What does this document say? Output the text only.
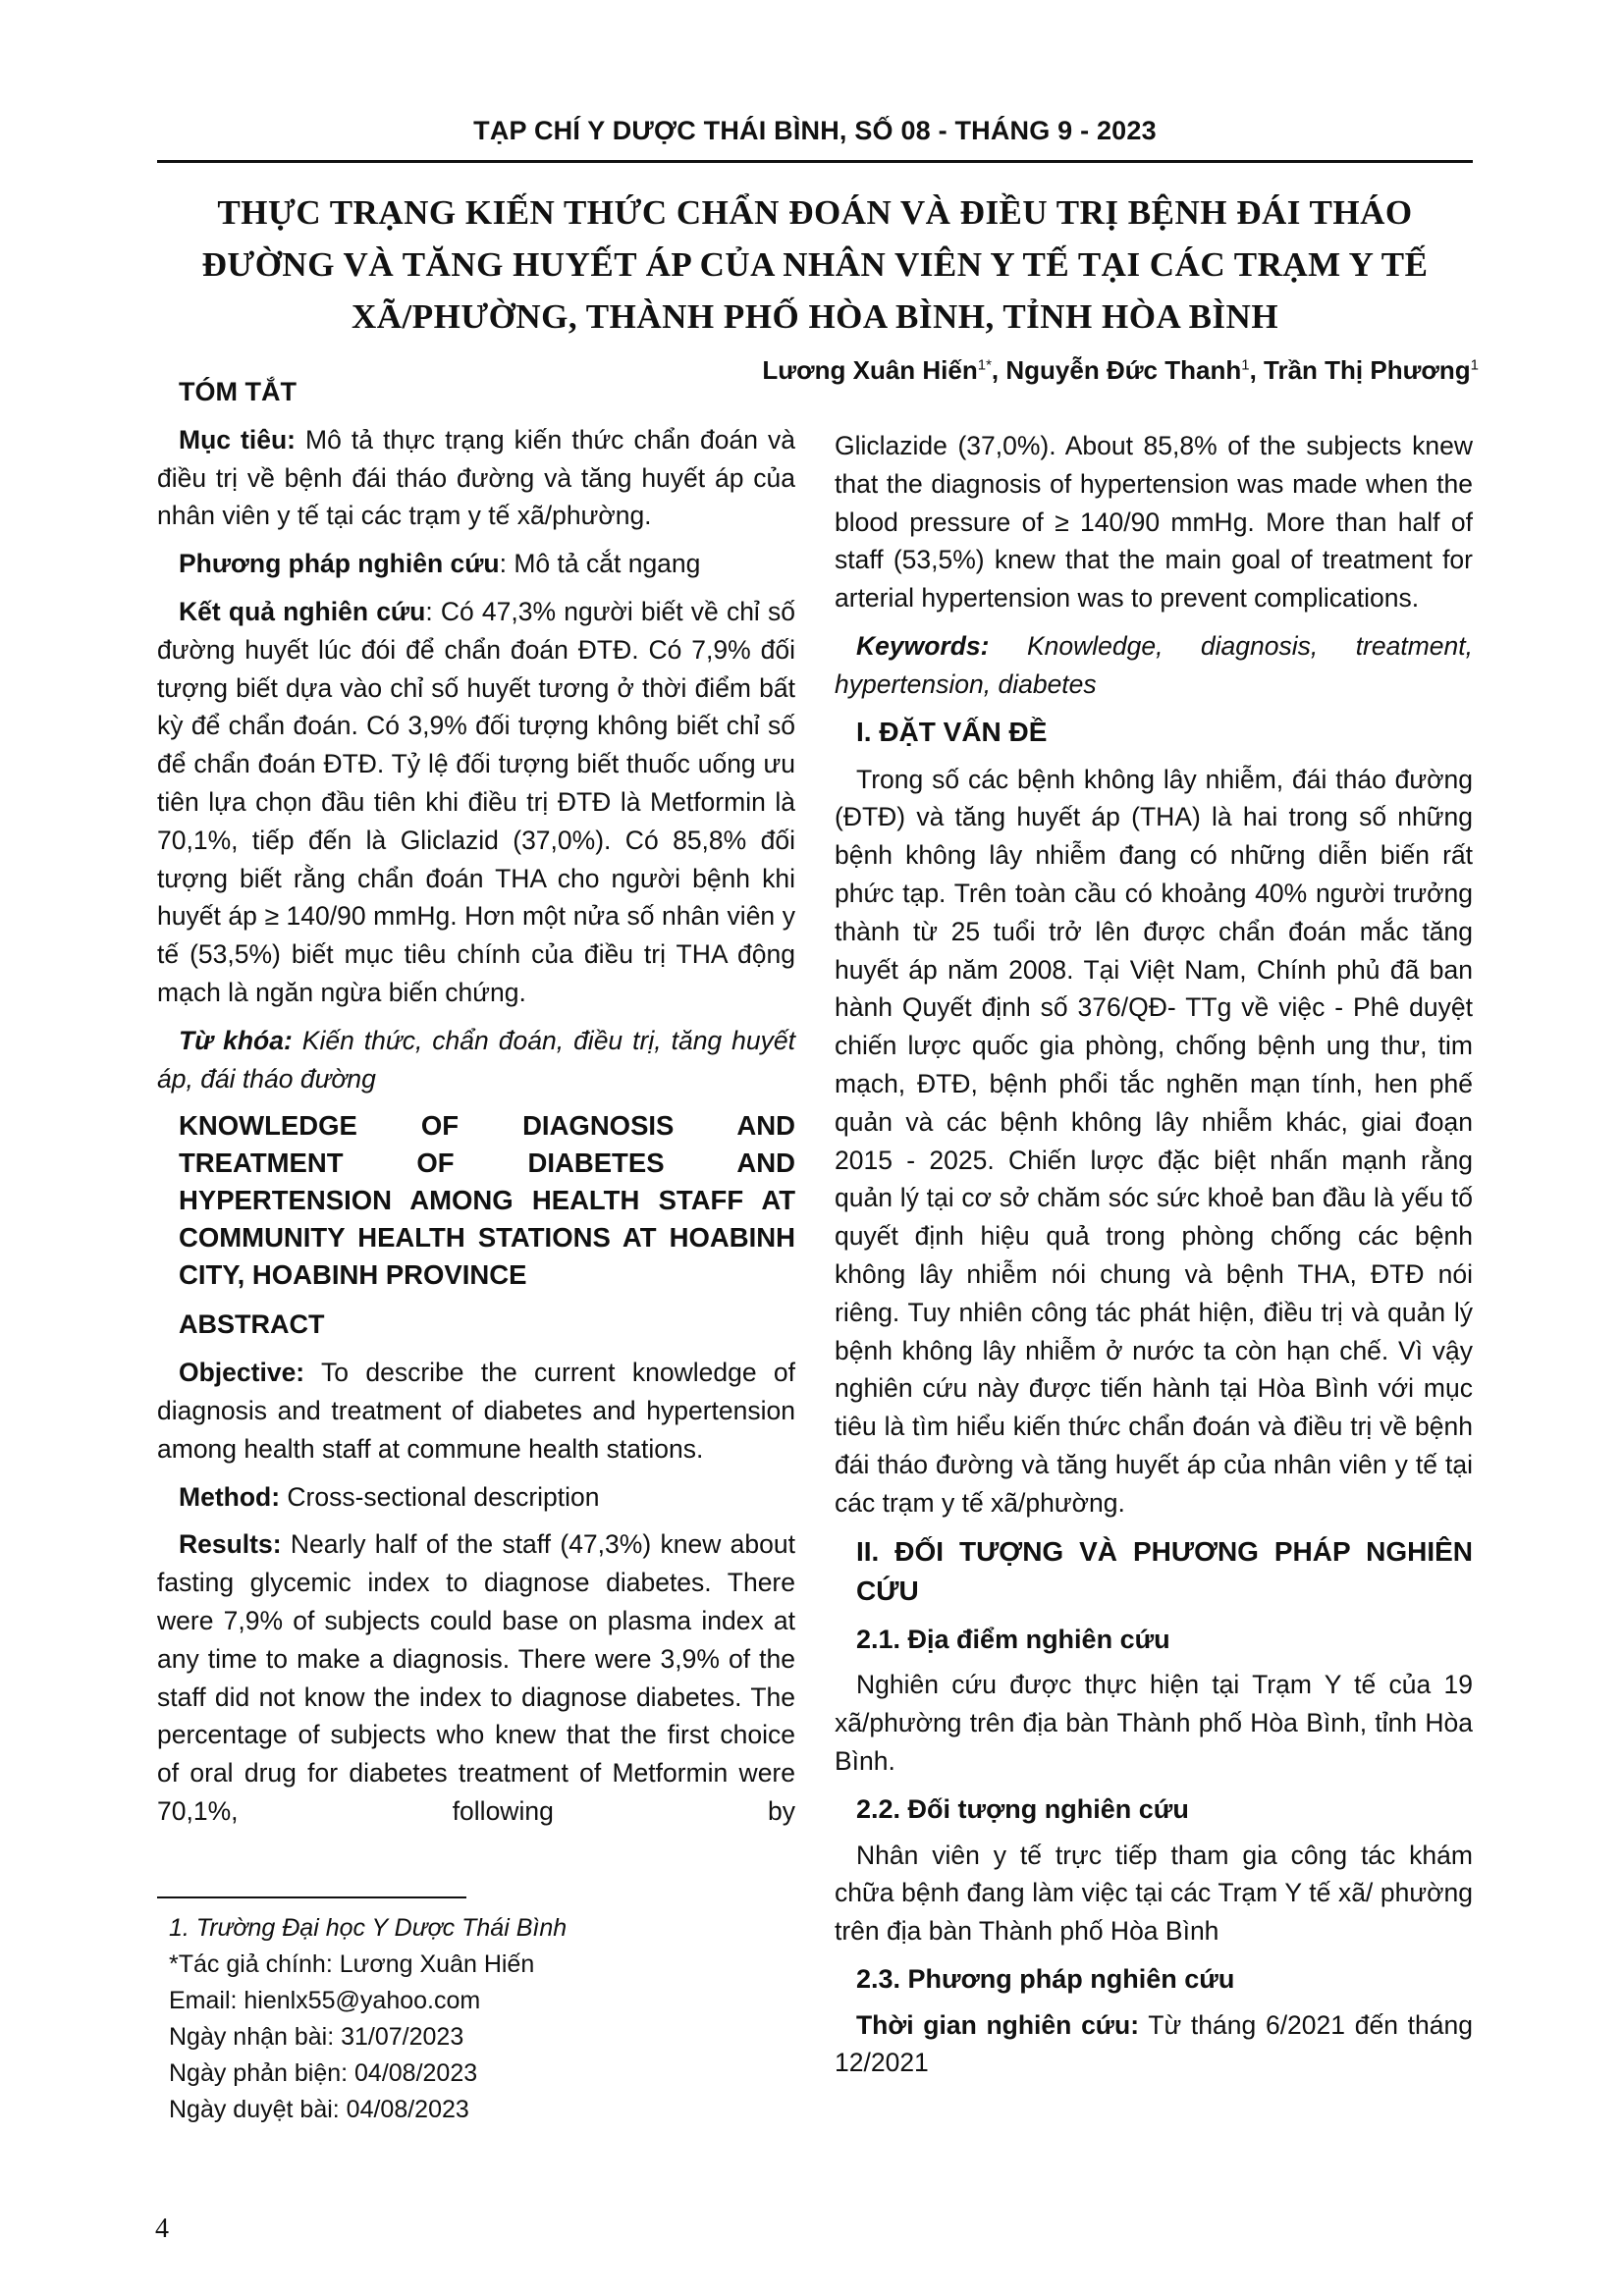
TẠP CHÍ Y DƯỢC THÁI BÌNH, SỐ 08 - THÁNG 9 - 2023
THỰC TRẠNG KIẾN THỨC CHẨN ĐOÁN VÀ ĐIỀU TRỊ BỆNH ĐÁI THÁO ĐƯỜNG VÀ TĂNG HUYẾT ÁP CỦA NHÂN VIÊN Y TẾ TẠI CÁC TRẠM Y TẾ XÃ/PHƯỜNG, THÀNH PHỐ HÒA BÌNH, TỈNH HÒA BÌNH
Lương Xuân Hiến$^{1*}$, Nguyễn Đức Thanh$^1$, Trần Thị Phương$^1$
TÓM TẮT

Mục tiêu: Mô tả thực trạng kiến thức chẩn đoán và điều trị về bệnh đái tháo đường và tăng huyết áp của nhân viên y tế tại các trạm y tế xã/phường.

Phương pháp nghiên cứu: Mô tả cắt ngang

Kết quả nghiên cứu: Có 47,3% người biết về chỉ số đường huyết lúc đói để chẩn đoán ĐTĐ. Có 7,9% đối tượng biết dựa vào chỉ số huyết tương ở thời điểm bất kỳ để chẩn đoán. Có 3,9% đối tượng không biết chỉ số để chẩn đoán ĐTĐ. Tỷ lệ đối tượng biết thuốc uống ưu tiên lựa chọn đầu tiên khi điều trị ĐTĐ là Metformin là 70,1%, tiếp đến là Gliclazid (37,0%). Có 85,8% đối tượng biết rằng chẩn đoán THA cho người bệnh khi huyết áp ≥ 140/90 mmHg. Hơn một nửa số nhân viên y tế (53,5%) biết mục tiêu chính của điều trị THA động mạch là ngăn ngừa biến chứng.

Từ khóa: Kiến thức, chẩn đoán, điều trị, tăng huyết áp, đái tháo đường

KNOWLEDGE OF DIAGNOSIS AND TREATMENT OF DIABETES AND HYPERTENSION AMONG HEALTH STAFF AT COMMUNITY HEALTH STATIONS AT HOABINH CITY, HOABINH PROVINCE
ABSTRACT

Objective: To describe the current knowledge of diagnosis and treatment of diabetes and hypertension among health staff at commune health stations.

Method: Cross-sectional description

Results: Nearly half of the staff (47,3%) knew about fasting glycemic index to diagnose diabetes. There were 7,9% of subjects could base on plasma index at any time to make a diagnosis. There were 3,9% of the staff did not know the index to diagnose diabetes. The percentage of subjects who knew that the first choice of oral drug for diabetes treatment of Metformin were 70,1%, following by

Gliclazide (37,0%). About 85,8% of the subjects knew that the diagnosis of hypertension was made when the blood pressure of ≥ 140/90 mmHg. More than half of staff (53,5%) knew that the main goal of treatment for arterial hypertension was to prevent complications.

Keywords: Knowledge, diagnosis, treatment, hypertension, diabetes

I. ĐẶT VẤN ĐỀ

Trong số các bệnh không lây nhiễm, đái tháo đường (ĐTĐ) và tăng huyết áp (THA) là hai trong số những bệnh không lây nhiễm đang có những diễn biến rất phức tạp. Trên toàn cầu có khoảng 40% người trưởng thành từ 25 tuổi trở lên được chẩn đoán mắc tăng huyết áp năm 2008. Tại Việt Nam, Chính phủ đã ban hành Quyết định số 376/QĐ- TTg về việc - Phê duyệt chiến lược quốc gia phòng, chống bệnh ung thư, tim mạch, ĐTĐ, bệnh phổi tắc nghẽn mạn tính, hen phế quản và các bệnh không lây nhiễm khác, giai đoạn 2015 - 2025. Chiến lược đặc biệt nhấn mạnh rằng quản lý tại cơ sở chăm sóc sức khoẻ ban đầu là yếu tố quyết định hiệu quả trong phòng chống các bệnh không lây nhiễm nói chung và bệnh THA, ĐTĐ nói riêng. Tuy nhiên công tác phát hiện, điều trị và quản lý bệnh không lây nhiễm ở nước ta còn hạn chế. Vì vậy nghiên cứu này được tiến hành tại Hòa Bình với mục tiêu là tìm hiểu kiến thức chẩn đoán và điều trị về bệnh đái tháo đường và tăng huyết áp của nhân viên y tế tại các trạm y tế xã/phường.

II. ĐỐI TƯỢNG VÀ PHƯƠNG PHÁP NGHIÊN CỨU
2.1. Địa điểm nghiên cứu

Nghiên cứu được thực hiện tại Trạm Y tế của 19 xã/phường trên địa bàn Thành phố Hòa Bình, tỉnh Hòa Bình.

2.2. Đối tượng nghiên cứu

Nhân viên y tế trực tiếp tham gia công tác khám chữa bệnh đang làm việc tại các Trạm Y tế xã/ phường trên địa bàn Thành phố Hòa Bình

2.3. Phương pháp nghiên cứu

Thời gian nghiên cứu: Từ tháng 6/2021 đến tháng 12/2021

1. Trường Đại học Y Dược Thái Bình
*Tác giả chính: Lương Xuân Hiến
Email: hienlx55@yahoo.com
Ngày nhận bài: 31/07/2023
Ngày phản biện: 04/08/2023
Ngày duyệt bài: 04/08/2023
4
